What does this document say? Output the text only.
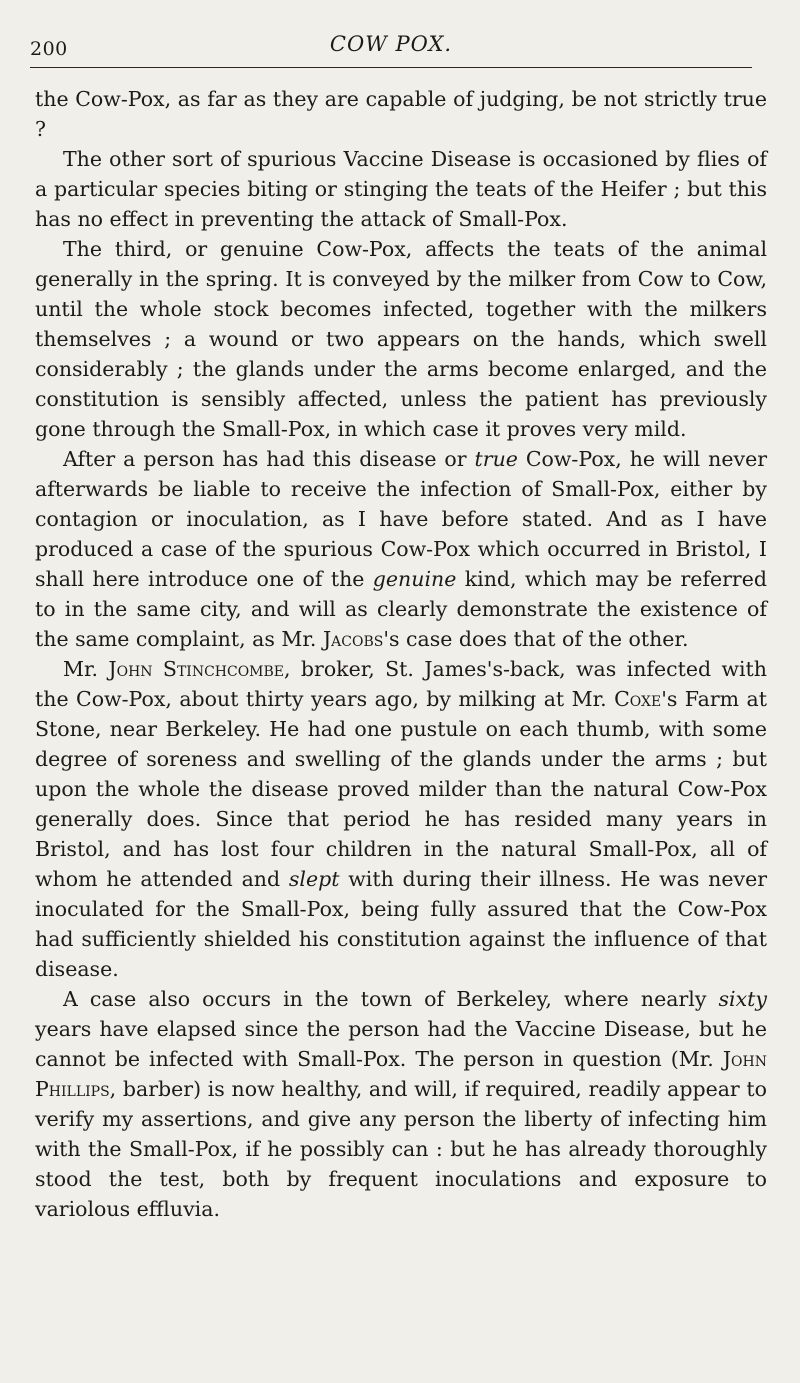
200	COW POX.

the Cow-Pox, as far as they are capable of judging, be not strictly true ?

The other sort of spurious Vaccine Disease is occasioned by flies of a particular species biting or stinging the teats of the Heifer ; but this has no effect in preventing the attack of Small-Pox.

The third, or genuine Cow-Pox, affects the teats of the animal generally in the spring. It is conveyed by the milker from Cow to Cow, until the whole stock becomes infected, together with the milkers themselves ; a wound or two appears on the hands, which swell considerably ; the glands under the arms become enlarged, and the constitution is sensibly affected, unless the patient has previously gone through the Small-Pox, in which case it proves very mild.

After a person has had this disease or true Cow-Pox, he will never afterwards be liable to receive the infection of Small-Pox, either by contagion or inoculation, as I have before stated. And as I have produced a case of the spurious Cow-Pox which occurred in Bristol, I shall here introduce one of the genuine kind, which may be referred to in the same city, and will as clearly demonstrate the existence of the same complaint, as Mr. Jacobs's case does that of the other.

Mr. John Stinchcombe, broker, St. James's-back, was infected with the Cow-Pox, about thirty years ago, by milking at Mr. Coxe's Farm at Stone, near Berkeley. He had one pustule on each thumb, with some degree of soreness and swelling of the glands under the arms ; but upon the whole the disease proved milder than the natural Cow-Pox generally does. Since that period he has resided many years in Bristol, and has lost four children in the natural Small-Pox, all of whom he attended and slept with during their illness. He was never inoculated for the Small-Pox, being fully assured that the Cow-Pox had sufficiently shielded his constitution against the influence of that disease.

A case also occurs in the town of Berkeley, where nearly sixty years have elapsed since the person had the Vaccine Disease, but he cannot be infected with Small-Pox. The person in question (Mr. John Phillips, barber) is now healthy, and will, if required, readily appear to verify my assertions, and give any person the liberty of infecting him with the Small-Pox, if he possibly can : but he has already thoroughly stood the test, both by frequent inoculations and exposure to variolous effluvia.
